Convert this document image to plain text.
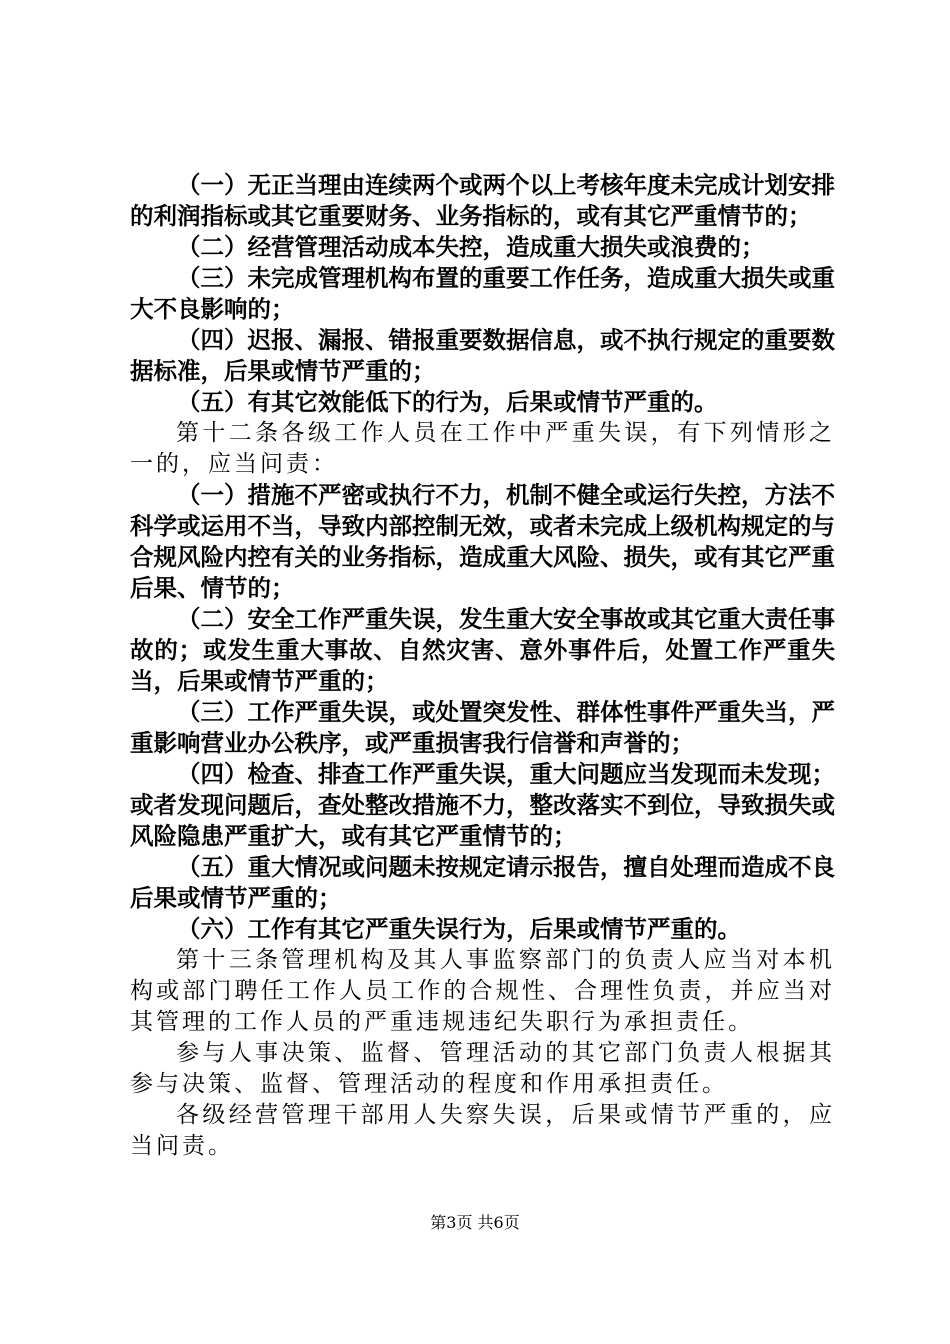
（一）无正当理由连续两个或两个以上考核年度未完成计划安排的利润指标或其它重要财务、业务指标的，或有其它严重情节的；

（二）经营管理活动成本失控，造成重大损失或浪费的；

（三）未完成管理机构布置的重要工作任务，造成重大损失或重大不良影响的；

（四）迟报、漏报、错报重要数据信息，或不执行规定的重要数据标准，后果或情节严重的；

（五）有其它效能低下的行为，后果或情节严重的。

第十二条各级工作人员在工作中严重失误，有下列情形之一的，应当问责：

（一）措施不严密或执行不力，机制不健全或运行失控，方法不科学或运用不当，导致内部控制无效，或者未完成上级机构规定的与合规风险内控有关的业务指标，造成重大风险、损失，或有其它严重后果、情节的；

（二）安全工作严重失误，发生重大安全事故或其它重大责任事故的；或发生重大事故、自然灾害、意外事件后，处置工作严重失当，后果或情节严重的；

（三）工作严重失误，或处置突发性、群体性事件严重失当，严重影响营业办公秩序，或严重损害我行信誉和声誉的；

（四）检查、排查工作严重失误，重大问题应当发现而未发现；或者发现问题后，查处整改措施不力，整改落实不到位，导致损失或风险隐患严重扩大，或有其它严重情节的；

（五）重大情况或问题未按规定请示报告，擅自处理而造成不良后果或情节严重的；

（六）工作有其它严重失误行为，后果或情节严重的。

第十三条管理机构及其人事监察部门的负责人应当对本机构或部门聘任工作人员工作的合规性、合理性负责，并应当对其管理的工作人员的严重违规违纪失职行为承担责任。

参与人事决策、监督、管理活动的其它部门负责人根据其参与决策、监督、管理活动的程度和作用承担责任。

各级经营管理干部用人失察失误，后果或情节严重的，应当问责。

第3页 共6页
